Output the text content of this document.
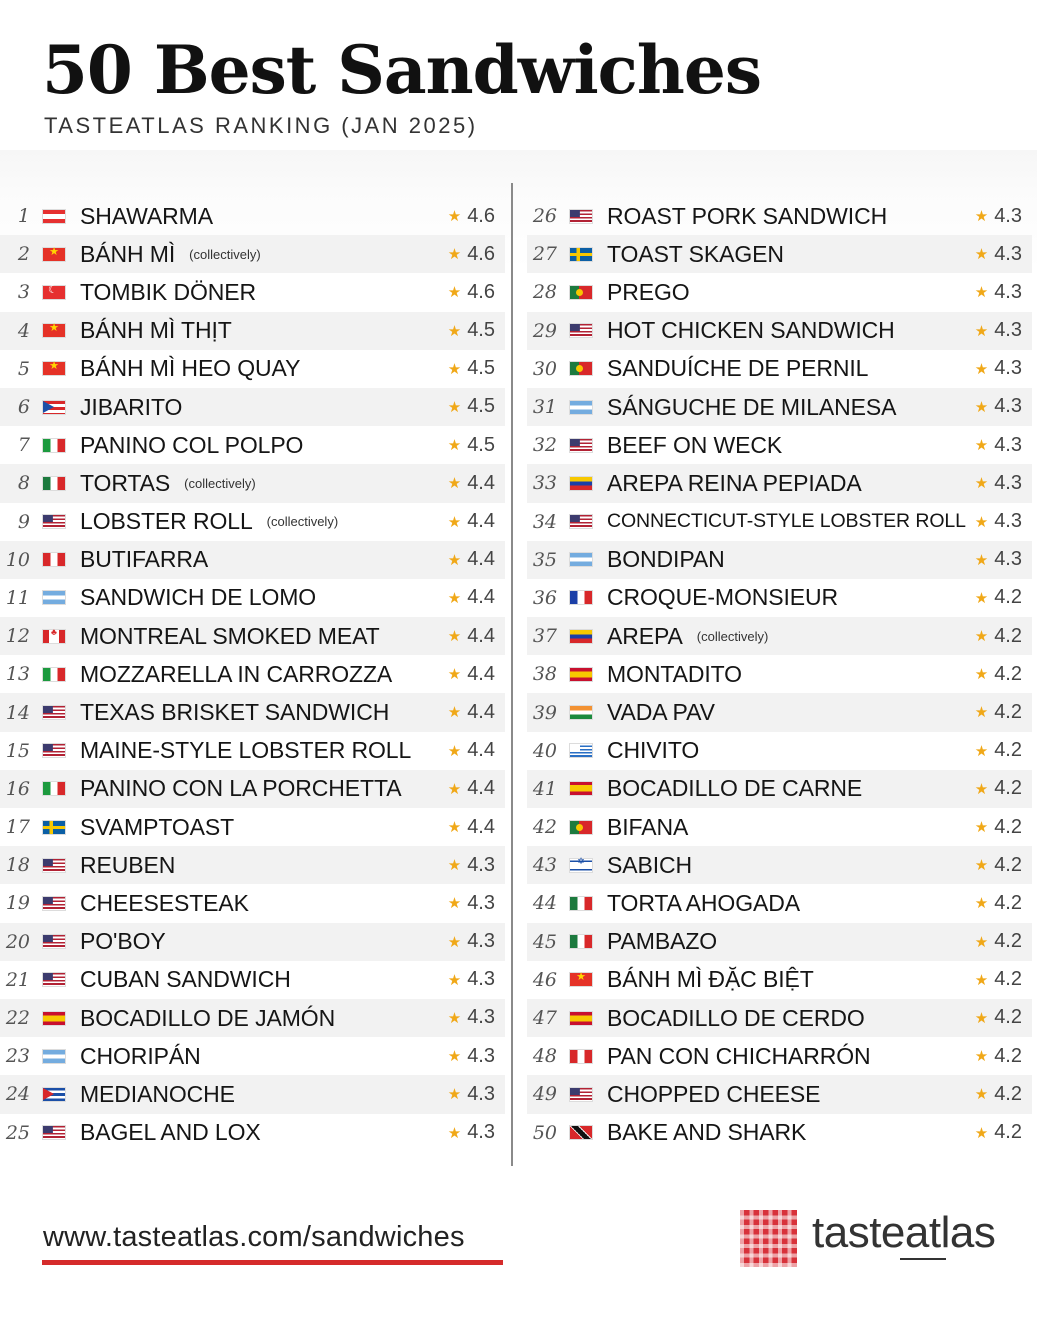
50 Best Sandwiches
TASTEATLAS RANKING (JAN 2025)
1 SHAWARMA	★ 4.6
2 ★ BÁNH MÌ (collectively)	★ 4.6
3 ☾ TOMBIK DÖNER	★ 4.6
4 ★ BÁNH MÌ THỊT	★ 4.5
5 ★ BÁNH MÌ HEO QUAY	★ 4.5
6 JIBARITO	★ 4.5
7 PANINO COL POLPO	★ 4.5
8 TORTAS (collectively)	★ 4.4
9 LOBSTER ROLL (collectively)	★ 4.4
10 BUTIFARRA	★ 4.4
11 SANDWICH DE LOMO	★ 4.4
12 ♣ MONTREAL SMOKED MEAT	★ 4.4
13 MOZZARELLA IN CARROZZA	★ 4.4
14 TEXAS BRISKET SANDWICH	★ 4.4
15 MAINE-STYLE LOBSTER ROLL ★ 4.4
16 PANINO CON LA PORCHETTA	★ 4.4
17 SVAMPTOAST	★ 4.4
18 REUBEN	★ 4.3
19 CHEESESTEAK	★ 4.3
20 PO'BOY	★ 4.3
21 CUBAN SANDWICH	★ 4.3
22 BOCADILLO DE JAMÓN	★ 4.3
23 CHORIPÁN	★ 4.3
24 MEDIANOCHE	★ 4.3
25 BAGEL AND LOX	★ 4.3
26 ROAST PORK SANDWICH	★ 4.3
27 TOAST SKAGEN	★ 4.3
28 PREGO	★ 4.3
29 HOT CHICKEN SANDWICH	★ 4.3
30 SANDUÍCHE DE PERNIL	★ 4.3
31 SÁNGUCHE DE MILANESA	★ 4.3
32 BEEF ON WECK	★ 4.3
33 AREPA REINA PEPIADA	★ 4.3
34	CONNECTICUT-STYLE LOBSTER ROLL ★ 4.3
35 BONDIPAN	★ 4.3
36 CROQUE-MONSIEUR	★ 4.2
37 AREPA (collectively)	★ 4.2
38 MONTADITO	★ 4.2
39 VADA PAV	★ 4.2
40 CHIVITO	★ 4.2
41 BOCADILLO DE CARNE	★ 4.2
42 BIFANA	★ 4.2
43 ✡ SABICH	★ 4.2
44 TORTA AHOGADA	★ 4.2
45 PAMBAZO	★ 4.2
46 ★ BÁNH MÌ ĐẶC BIỆT	★ 4.2
47 BOCADILLO DE CERDO	★ 4.2
48 PAN CON CHICHARRÓN	★ 4.2
49 CHOPPED CHEESE	★ 4.2
50 BAKE AND SHARK	★ 4.2
www.tasteatlas.com/sandwiches	tasteatlas
